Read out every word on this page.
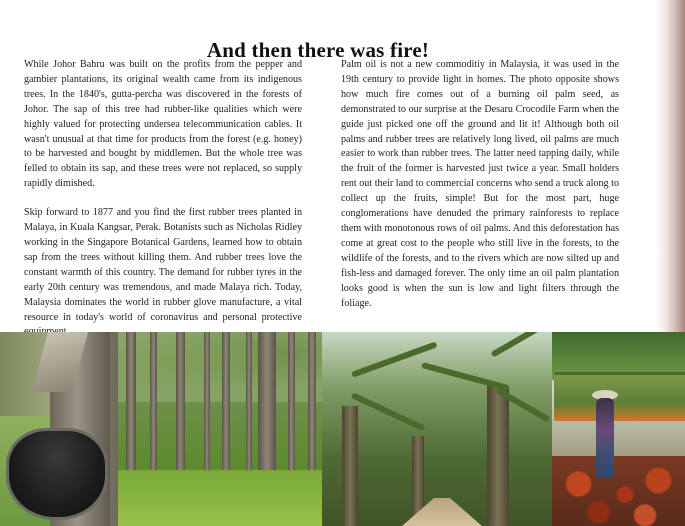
And then there was fire!

While Johor Bahru was built on the profits from the pepper and gambier plantations, its original wealth came from its indigenous trees. In the 1840's, gutta-percha was discovered in the forests of Johor. The sap of this tree had rubber-like qualities which were highly valued for protecting undersea telecommunication cables. It wasn't unusual at that time for products from the forest (e.g. honey) to be harvested and bought by middlemen. But the whole tree was felled to obtain its sap, and these trees were not replaced, so supply rapidly dimished.

Skip forward to 1877 and you find the first rubber trees planted in Malaya, in Kuala Kangsar, Perak. Botanists such as Nicholas Ridley working in the Singapore Botanical Gardens, learned how to obtain sap from the trees without killing them. And rubber trees love the constant warmth of this country. The demand for rubber tyres in the early 20th century was tremendous, and made Malaya rich. Today, Malaysia dominates the world in rubber glove manufacture, a vital resource in today's world of coronavirus and personal protective

Palm oil is not a new commoditiy in Malaysia, it was used in the 19th century to provide light in homes. The photo opposite shows how much fire comes out of a burning oil palm seed, as demonstrated to our surprise at the Desaru Crocodile Farm when the guide just picked one off the ground and lit it! Although both oil palms and rubber trees are relatively long lived, oil palms are much easier to work than rubber trees. The latter need tapping daily, while the fruit of the former is harvested just twice a year. Small holders rent out their land to commercial concerns who send a truck along to collect up the fruits, simple! But for the most part, huge conglomerations have denuded the primary rainforests to replace them with monotonous rows of oil palms. And this deforestation has come at great cost to the people who still live in the forests, to the wildlife of the forests, and to the rivers which are now silted up and fish-less and damaged forever. The only time an oil palm plantation looks good is when the sun is low and light filters through the foliage.
